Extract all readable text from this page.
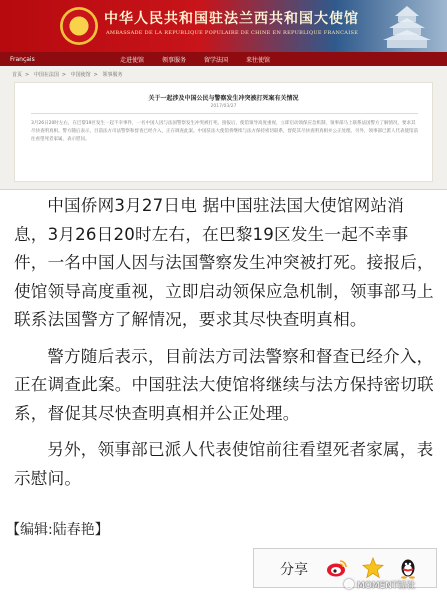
中华人民共和国驻法兰西共和国大使馆
AMBASSADE DE LA REPUBLIQUE POPULAIRE DE CHINE EN REPUBLIQUE FRANCAISE
Français	走进使馆	领事服务	留学法国	来往使馆
首页 > 中国在法国 > 中国使馆 > 领事服务
关于一起涉及中国公民与警察发生冲突被打死案有关情况
2017/03/27
3月26日20时左右，在巴黎19区发生一起不幸事件，一名中国人因与法国警察发生冲突被打死。接报后，使馆领导高度重视，立即启动领保应急机制，领事部马上联系法国警方了解情况，要求其尽快查明真相。警方随后表示，目前法方司法警察和督查已经介入，正在调查此案。中国驻法大使馆将继续与法方保持密切联系，督促其尽快查明真相并公正处理。另外，领事部已派人代表使馆前往看望死者家属，表示慰问。

中国侨网3月27日电 据中国驻法国大使馆网站消息，3月26日20时左右，在巴黎19区发生一起不幸事件，一名中国人因与法国警察发生冲突被打死。接报后，使馆领导高度重视，立即启动领保应急机制，领事部马上联系法国警方了解情况，要求其尽快查明真相。

警方随后表示，目前法方司法警察和督查已经介入，正在调查此案。中国驻法大使馆将继续与法方保持密切联系，督促其尽快查明真相并公正处理。

另外，领事部已派人代表使馆前往看望死者家属，表示慰问。

【编辑:陆春艳】
分享
MOMENT轻社
